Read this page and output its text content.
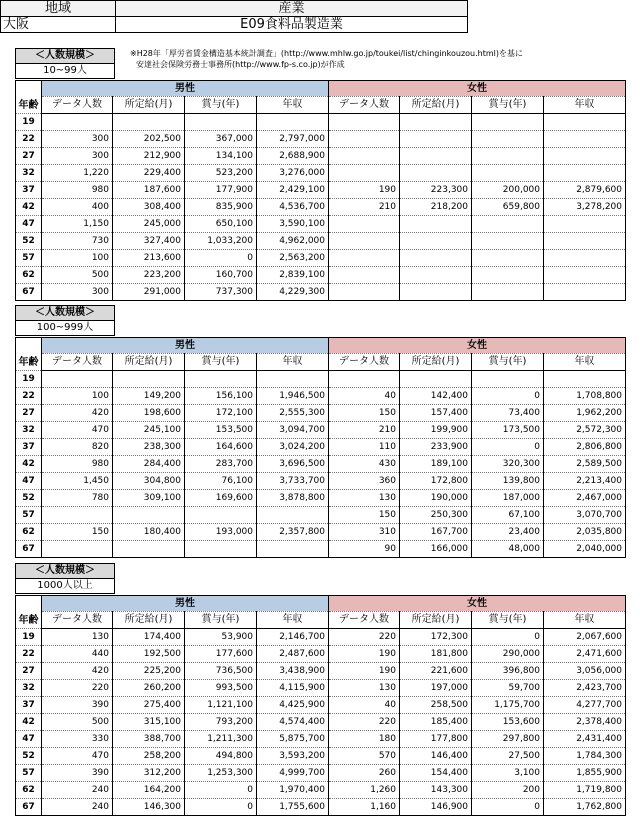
地域	産業
大阪	E09食料品製造業
＜人数規模＞
10~99人
※H28年「厚労省賃金構造基本統計調査」(http://www.mhlw.go.jp/toukei/list/chinginkouzou.html)を基に
安達社会保険労務士事務所(http://www.fp-s.co.jp)が作成
年齢	男性				女性			
	データ人数	所定給(月)	賞与(年)	年収	データ人数	所定給(月)	賞与(年)	年収
19								
22	300	202,500	367,000	2,797,000				
27	300	212,900	134,100	2,688,900				
32	1,220	229,400	523,200	3,276,000				
37	980	187,600	177,900	2,429,100	190	223,300	200,000	2,879,600
42	400	308,400	835,900	4,536,700	210	218,200	659,800	3,278,200
47	1,150	245,000	650,100	3,590,100				
52	730	327,400	1,033,200	4,962,000				
57	100	213,600	0	2,563,200				
62	500	223,200	160,700	2,839,100				
67	300	291,000	737,300	4,229,300				
＜人数規模＞
100~999人
年齢	男性				女性			
	データ人数	所定給(月)	賞与(年)	年収	データ人数	所定給(月)	賞与(年)	年収
19								
22	100	149,200	156,100	1,946,500	40	142,400	0	1,708,800
27	420	198,600	172,100	2,555,300	150	157,400	73,400	1,962,200
32	470	245,100	153,500	3,094,700	210	199,900	173,500	2,572,300
37	820	238,300	164,600	3,024,200	110	233,900	0	2,806,800
42	980	284,400	283,700	3,696,500	430	189,100	320,300	2,589,500
47	1,450	304,800	76,100	3,733,700	360	172,800	139,800	2,213,400
52	780	309,100	169,600	3,878,800	130	190,000	187,000	2,467,000
57					150	250,300	67,100	3,070,700
62	150	180,400	193,000	2,357,800	310	167,700	23,400	2,035,800
67					90	166,000	48,000	2,040,000
＜人数規模＞
1000人以上
年齢	男性				女性			
	データ人数	所定給(月)	賞与(年)	年収	データ人数	所定給(月)	賞与(年)	年収
19	130	174,400	53,900	2,146,700	220	172,300	0	2,067,600
22	440	192,500	177,600	2,487,600	190	181,800	290,000	2,471,600
27	420	225,200	736,500	3,438,900	190	221,600	396,800	3,056,000
32	220	260,200	993,500	4,115,900	130	197,000	59,700	2,423,700
37	390	275,400	1,121,100	4,425,900	40	258,500	1,175,700	4,277,700
42	500	315,100	793,200	4,574,400	220	185,400	153,600	2,378,400
47	330	388,700	1,211,300	5,875,700	180	177,800	297,800	2,431,400
52	470	258,200	494,800	3,593,200	570	146,400	27,500	1,784,300
57	390	312,200	1,253,300	4,999,700	260	154,400	3,100	1,855,900
62	240	164,200	0	1,970,400	1,260	143,300	200	1,719,800
67	240	146,300	0	1,755,600	1,160	146,900	0	1,762,800
